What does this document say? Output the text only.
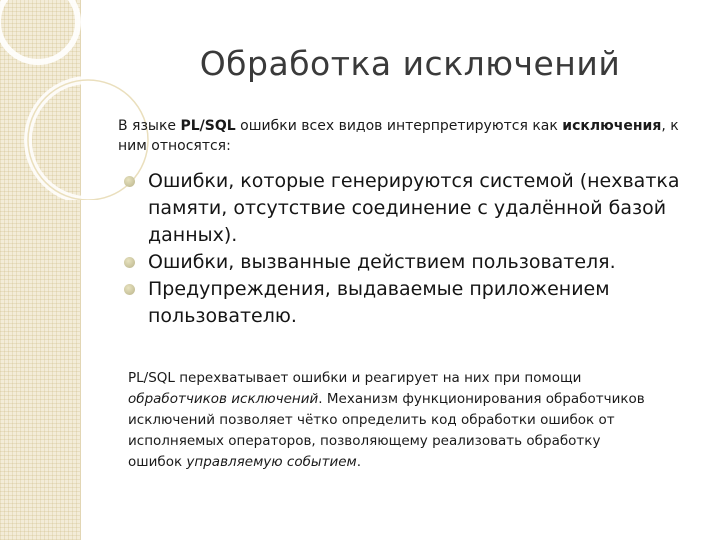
Обработка исключений
В языке PL/SQL ошибки всех видов интерпретируются как исключения, к ним относятся:
Ошибки, которые генерируются системой (нехватка памяти, отсутствие соединение с удалённой базой данных).
Ошибки, вызванные действием пользователя.
Предупреждения, выдаваемые приложением пользователю.
PL/SQL перехватывает ошибки и реагирует на них при помощи обработчиков исключений. Механизм функционирования обработчиков исключений позволяет чётко определить код обработки ошибок от исполняемых операторов, позволяющему реализовать обработку ошибок управляемую событием.
